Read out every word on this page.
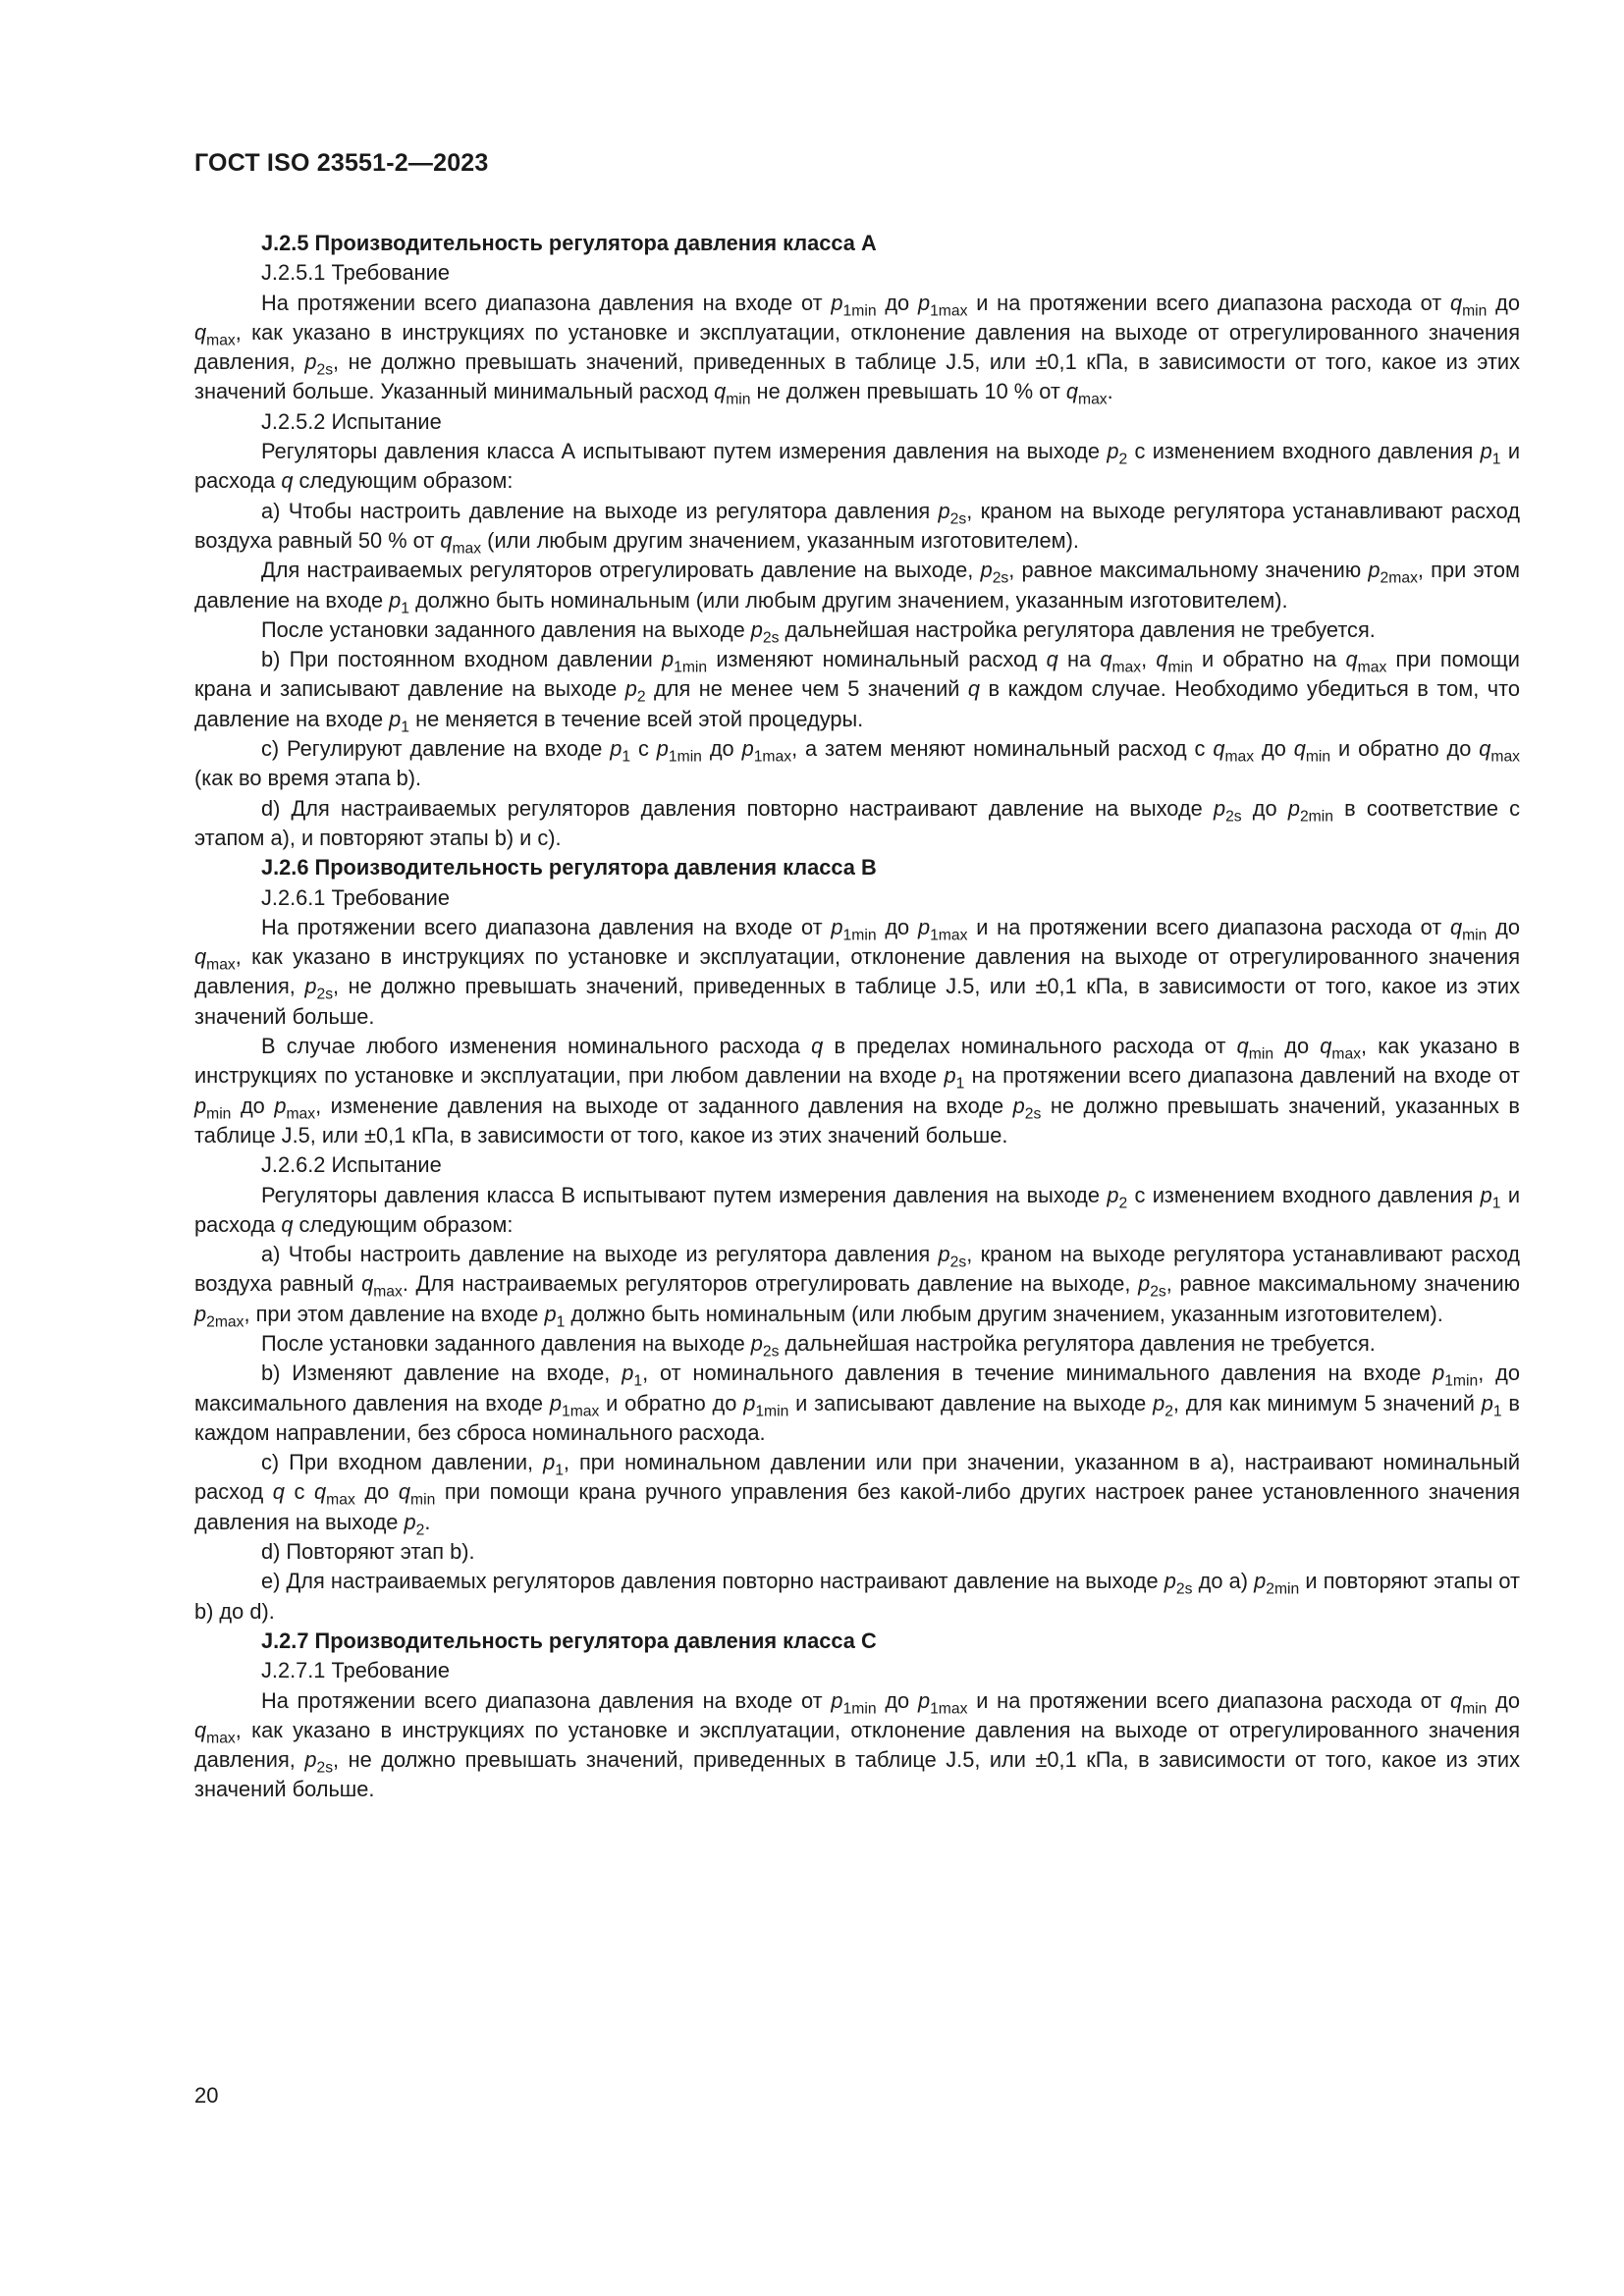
ГОСТ ISO 23551-2—2023

J.2.5 Производительность регулятора давления класса А

J.2.5.1 Требование

На протяжении всего диапазона давления на входе от $p_{1min}$ до $p_{1max}$ и на протяжении всего диапазона расхода от $q_{min}$ до $q_{max}$, как указано в инструкциях по установке и эксплуатации, отклонение давления на выходе от отрегулированного значения давления, $p_{2s}$, не должно превышать значений, приведенных в таблице J.5, или ±0,1 кПа, в зависимости от того, какое из этих значений больше. Указанный минимальный расход $q_{min}$ не должен превышать 10 % от $q_{max}$.

J.2.5.2 Испытание

Регуляторы давления класса А испытывают путем измерения давления на выходе $p_2$ с изменением входного давления $p_1$ и расхода q следующим образом:

a) Чтобы настроить давление на выходе из регулятора давления $p_{2s}$, краном на выходе регулятора устанавливают расход воздуха равный 50 % от $q_{max}$ (или любым другим значением, указанным изготовителем).

Для настраиваемых регуляторов отрегулировать давление на выходе, $p_{2s}$, равное максимальному значению $p_{2max}$, при этом давление на входе $p_1$ должно быть номинальным (или любым другим значением, указанным изготовителем).

После установки заданного давления на выходе $p_{2s}$ дальнейшая настройка регулятора давления не требуется.

b) При постоянном входном давлении $p_{1min}$ изменяют номинальный расход q на $q_{max}$, $q_{min}$ и обратно на $q_{max}$ при помощи крана и записывают давление на выходе $p_2$ для не менее чем 5 значений q в каждом случае. Необходимо убедиться в том, что давление на входе $p_1$ не меняется в течение всей этой процедуры.

c) Регулируют давление на входе $p_1$ с $p_{1min}$ до $p_{1max}$, а затем меняют номинальный расход с $q_{max}$ до $q_{min}$ и обратно до $q_{max}$ (как во время этапа b).

d) Для настраиваемых регуляторов давления повторно настраивают давление на выходе $p_{2s}$ до $p_{2min}$ в соответствие с этапом a), и повторяют этапы b) и c).

J.2.6 Производительность регулятора давления класса В

J.2.6.1 Требование

На протяжении всего диапазона давления на входе от $p_{1min}$ до $p_{1max}$ и на протяжении всего диапазона расхода от $q_{min}$ до $q_{max}$, как указано в инструкциях по установке и эксплуатации, отклонение давления на выходе от отрегулированного значения давления, $p_{2s}$, не должно превышать значений, приведенных в таблице J.5, или ±0,1 кПа, в зависимости от того, какое из этих значений больше.

В случае любого изменения номинального расхода q в пределах номинального расхода от $q_{min}$ до $q_{max}$, как указано в инструкциях по установке и эксплуатации, при любом давлении на входе $p_1$ на протяжении всего диапазона давлений на входе от $p_{min}$ до $p_{max}$, изменение давления на выходе от заданного давления на входе $p_{2s}$ не должно превышать значений, указанных в таблице J.5, или ±0,1 кПа, в зависимости от того, какое из этих значений больше.

J.2.6.2 Испытание

Регуляторы давления класса В испытывают путем измерения давления на выходе $p_2$ с изменением входного давления $p_1$ и расхода q следующим образом:

a) Чтобы настроить давление на выходе из регулятора давления $p_{2s}$, краном на выходе регулятора устанавливают расход воздуха равный $q_{max}$. Для настраиваемых регуляторов отрегулировать давление на выходе, $p_{2s}$, равное максимальному значению $p_{2max}$, при этом давление на входе $p_1$ должно быть номинальным (или любым другим значением, указанным изготовителем).

После установки заданного давления на выходе $p_{2s}$ дальнейшая настройка регулятора давления не требуется.

b) Изменяют давление на входе, $p_1$, от номинального давления в течение минимального давления на входе $p_{1min}$, до максимального давления на входе $p_{1max}$ и обратно до $p_{1min}$ и записывают давление на выходе $p_2$, для как минимум 5 значений $p_1$ в каждом направлении, без сброса номинального расхода.

c) При входном давлении, $p_1$, при номинальном давлении или при значении, указанном в a), настраивают номинальный расход q с $q_{max}$ до $q_{min}$ при помощи крана ручного управления без какой-либо других настроек ранее установленного значения давления на выходе $p_2$.

d) Повторяют этап b).

e) Для настраиваемых регуляторов давления повторно настраивают давление на выходе $p_{2s}$ до a) $p_{2min}$ и повторяют этапы от b) до d).

J.2.7 Производительность регулятора давления класса С

J.2.7.1 Требование

На протяжении всего диапазона давления на входе от $p_{1min}$ до $p_{1max}$ и на протяжении всего диапазона расхода от $q_{min}$ до $q_{max}$, как указано в инструкциях по установке и эксплуатации, отклонение давления на выходе от отрегулированного значения давления, $p_{2s}$, не должно превышать значений, приведенных в таблице J.5, или ±0,1 кПа, в зависимости от того, какое из этих значений больше.

20
